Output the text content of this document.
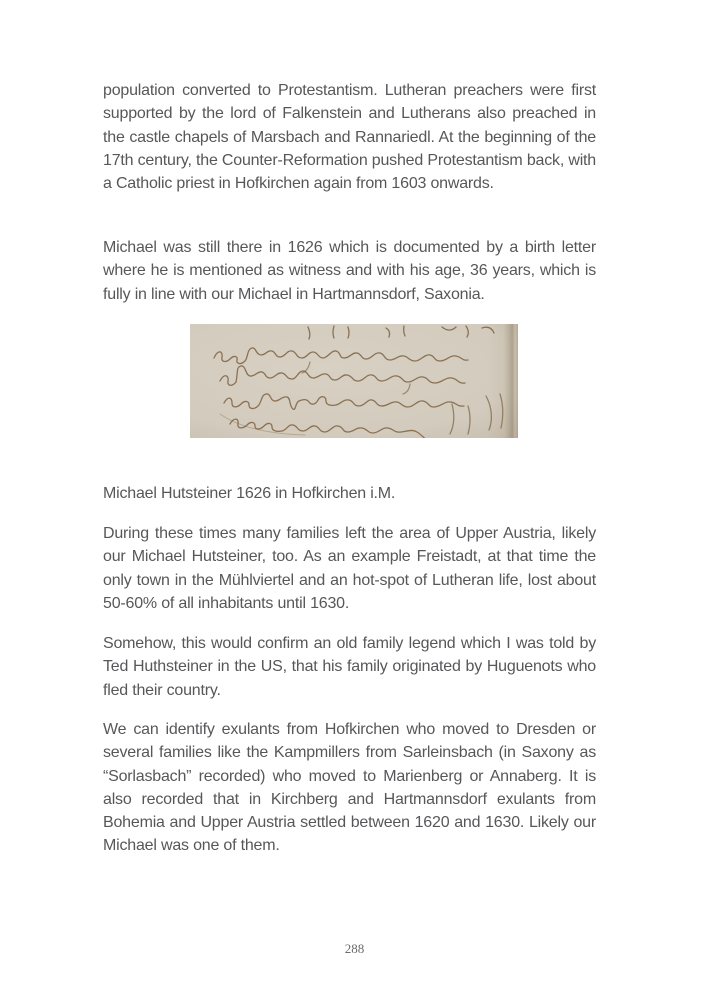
population converted to Protestantism. Lutheran preachers were first supported by the lord of Falkenstein and Lutherans also preached in the castle chapels of Marsbach and Rannariedl. At the beginning of the 17th century, the Counter-Reformation pushed Protestantism back, with a Catholic priest in Hofkirchen again from 1603 onwards.

Michael was still there in 1626 which is documented by a birth letter where he is mentioned as witness and with his age, 36 years, which is fully in line with our Michael in Hartmannsdorf, Saxonia.

Michael Hutsteiner 1626 in Hofkirchen i.M.

During these times many families left the area of Upper Austria, likely our Michael Hutsteiner, too. As an example Freistadt, at that time the only town in the Mühlviertel and an hot-spot of Lutheran life, lost about 50-60% of all inhabitants until 1630.

Somehow, this would confirm an old family legend which I was told by Ted Huthsteiner in the US, that his family originated by Huguenots who fled their country.

We can identify exulants from Hofkirchen who moved to Dresden or several families like the Kampmillers from Sarleinsbach (in Saxony as “Sorlasbach” recorded) who moved to Marienberg or Annaberg. It is also recorded that in Kirchberg and Hartmannsdorf exulants from Bohemia and Upper Austria settled between 1620 and 1630. Likely our Michael was one of them.

288
